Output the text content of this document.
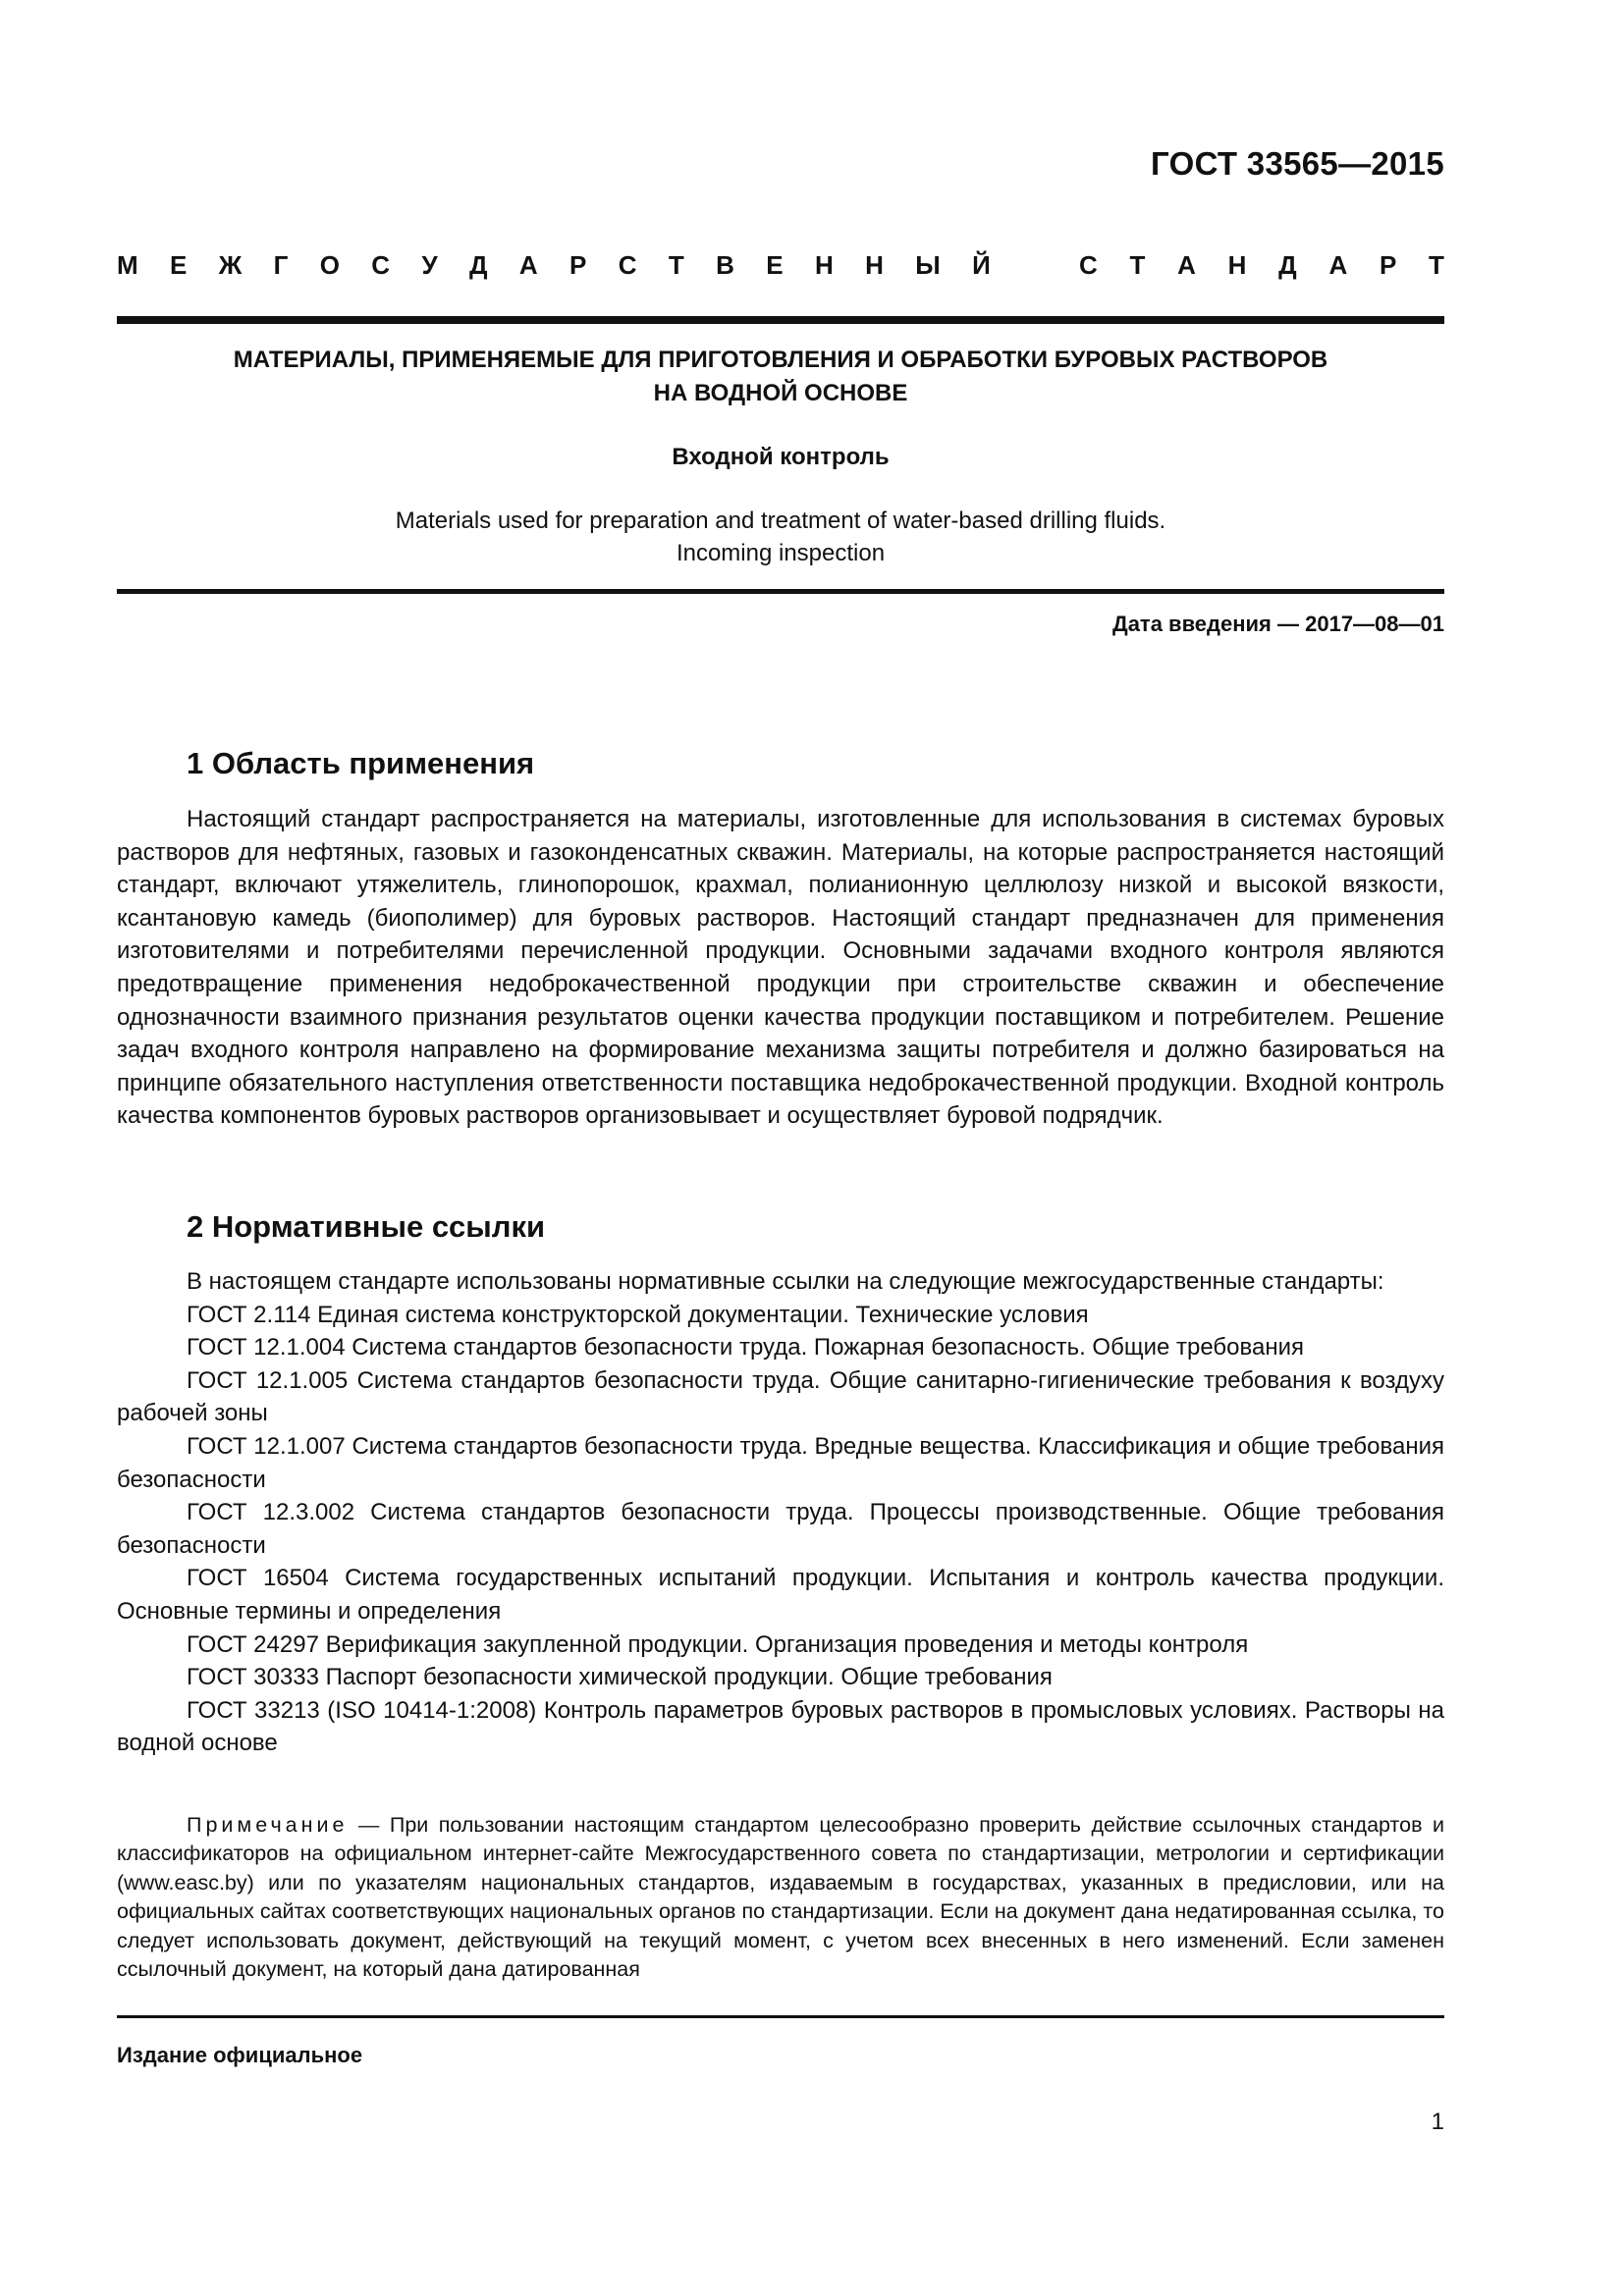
ГОСТ 33565—2015
М Е Ж Г О С У Д А Р С Т В Е Н Н Ы Й	С Т А Н Д А Р Т
МАТЕРИАЛЫ, ПРИМЕНЯЕМЫЕ ДЛЯ ПРИГОТОВЛЕНИЯ И ОБРАБОТКИ БУРОВЫХ РАСТВОРОВ
НА ВОДНОЙ ОСНОВЕ
Входной контроль
Materials used for preparation and treatment of water-based drilling fluids.
Incoming inspection
Дата введения — 2017—08—01
1 Область применения

Настоящий стандарт распространяется на материалы, изготовленные для использования в системах буровых растворов для нефтяных, газовых и газоконденсатных скважин. Материалы, на которые распространяется настоящий стандарт, включают утяжелитель, глинопорошок, крахмал, полианионную целлюлозу низкой и высокой вязкости, ксантановую камедь (биополимер) для буровых растворов. Настоящий стандарт предназначен для применения изготовителями и потребителями перечисленной продукции. Основными задачами входного контроля являются предотвращение применения недоброкачественной продукции при строительстве скважин и обеспечение однозначности взаимного признания результатов оценки качества продукции поставщиком и потребителем. Решение задач входного контроля направлено на формирование механизма защиты потребителя и должно базироваться на принципе обязательного наступления ответственности поставщика недоброкачественной продукции. Входной контроль качества компонентов буровых растворов организовывает и осуществляет буровой подрядчик.

2 Нормативные ссылки

В настоящем стандарте использованы нормативные ссылки на следующие межгосударственные стандарты:

ГОСТ 2.114 Единая система конструкторской документации. Технические условия

ГОСТ 12.1.004 Система стандартов безопасности труда. Пожарная безопасность. Общие требования

ГОСТ 12.1.005 Система стандартов безопасности труда. Общие санитарно-гигиенические требования к воздуху рабочей зоны

ГОСТ 12.1.007 Система стандартов безопасности труда. Вредные вещества. Классификация и общие требования безопасности

ГОСТ 12.3.002 Система стандартов безопасности труда. Процессы производственные. Общие требования безопасности

ГОСТ 16504 Система государственных испытаний продукции. Испытания и контроль качества продукции. Основные термины и определения

ГОСТ 24297 Верификация закупленной продукции. Организация проведения и методы контроля

ГОСТ 30333 Паспорт безопасности химической продукции. Общие требования

ГОСТ 33213 (ISO 10414-1:2008) Контроль параметров буровых растворов в промысловых условиях. Растворы на водной основе

Примечание — При пользовании настоящим стандартом целесообразно проверить действие ссылочных стандартов и классификаторов на официальном интернет-сайте Межгосударственного совета по стандартизации, метрологии и сертификации (www.easc.by) или по указателям национальных стандартов, издаваемым в государствах, указанных в предисловии, или на официальных сайтах соответствующих национальных органов по стандартизации. Если на документ дана недатированная ссылка, то следует использовать документ, действующий на текущий момент, с учетом всех внесенных в него изменений. Если заменен ссылочный документ, на который дана датированная

Издание официальное
1
